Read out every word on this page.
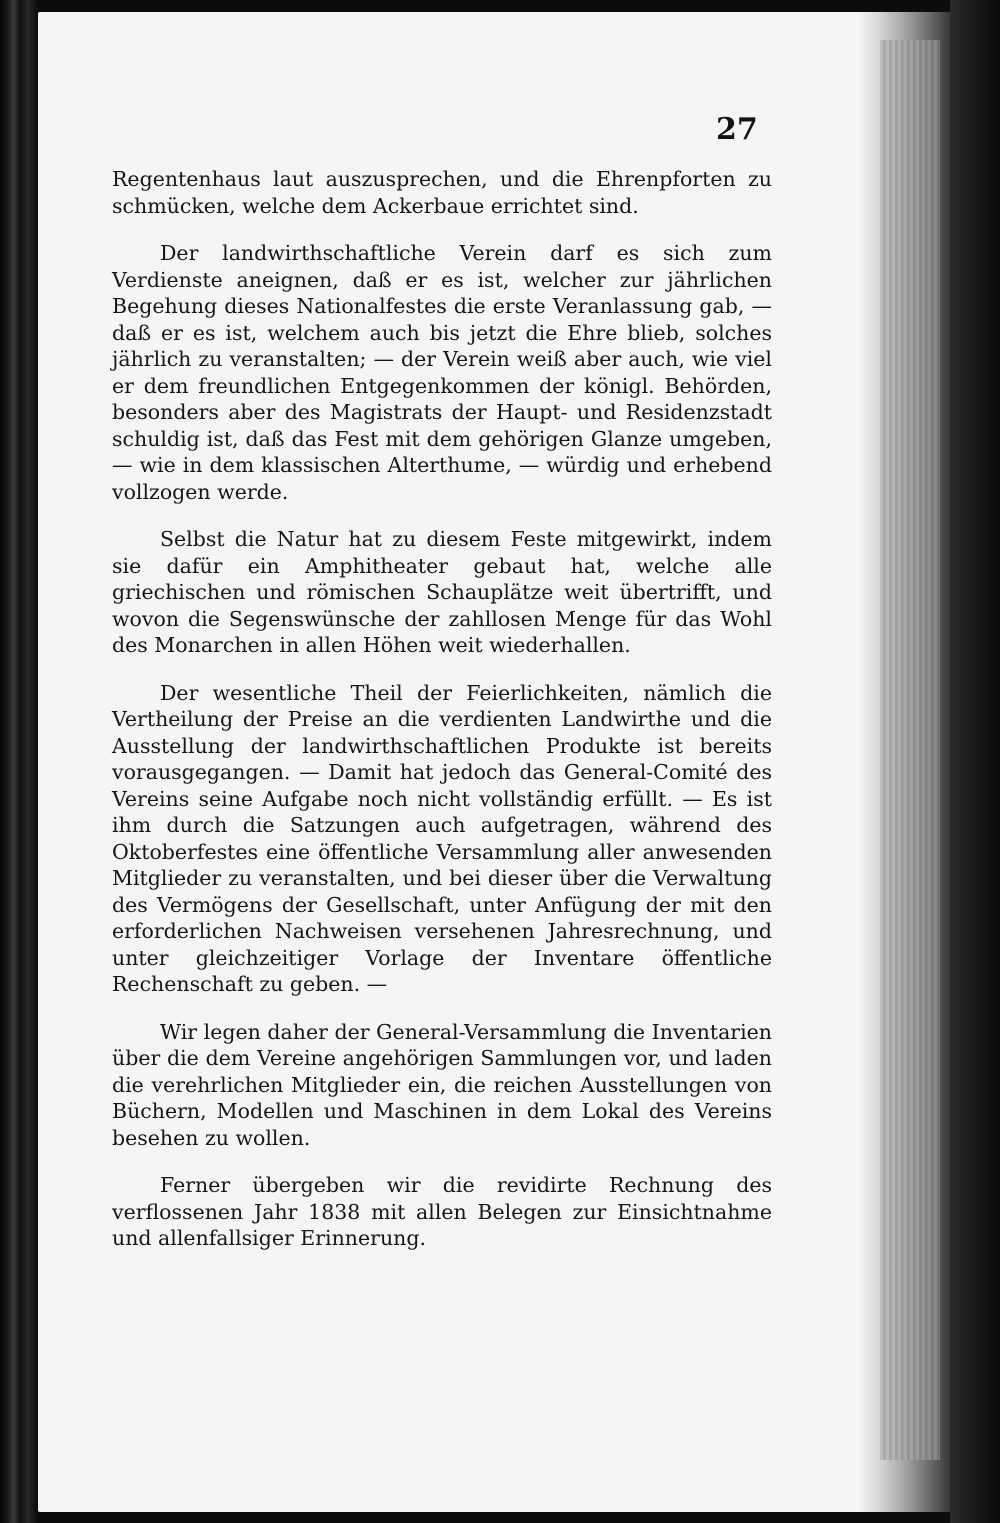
27

Regentenhaus laut auszusprechen, und die Ehrenpforten zu schmücken, welche dem Ackerbaue errichtet sind.

Der landwirthschaftliche Verein darf es sich zum Verdienste aneignen, daß er es ist, welcher zur jährlichen Begehung dieses Nationalfestes die erste Veranlassung gab, — daß er es ist, welchem auch bis jetzt die Ehre blieb, solches jährlich zu veranstalten; — der Verein weiß aber auch, wie viel er dem freundlichen Entgegenkommen der königl. Behörden, besonders aber des Magistrats der Haupt- und Residenzstadt schuldig ist, daß das Fest mit dem gehörigen Glanze umgeben, — wie in dem klassischen Alterthume, — würdig und erhebend vollzogen werde.

Selbst die Natur hat zu diesem Feste mitgewirkt, indem sie dafür ein Amphitheater gebaut hat, welche alle griechischen und römischen Schauplätze weit übertrifft, und wovon die Segenswünsche der zahllosen Menge für das Wohl des Monarchen in allen Höhen weit wiederhallen.

Der wesentliche Theil der Feierlichkeiten, nämlich die Vertheilung der Preise an die verdienten Landwirthe und die Ausstellung der landwirthschaftlichen Produkte ist bereits vorausgegangen. — Damit hat jedoch das General-Comité des Vereins seine Aufgabe noch nicht vollständig erfüllt. — Es ist ihm durch die Satzungen auch aufgetragen, während des Oktoberfestes eine öffentliche Versammlung aller anwesenden Mitglieder zu veranstalten, und bei dieser über die Verwaltung des Vermögens der Gesellschaft, unter Anfügung der mit den erforderlichen Nachweisen versehenen Jahresrechnung, und unter gleichzeitiger Vorlage der Inventare öffentliche Rechenschaft zu geben. —

Wir legen daher der General-Versammlung die Inventarien über die dem Vereine angehörigen Sammlungen vor, und laden die verehrlichen Mitglieder ein, die reichen Ausstellungen von Büchern, Modellen und Maschinen in dem Lokal des Vereins besehen zu wollen.

Ferner übergeben wir die revidirte Rechnung des verflossenen Jahr 1838 mit allen Belegen zur Einsichtnahme und allenfallsiger Erinnerung.
